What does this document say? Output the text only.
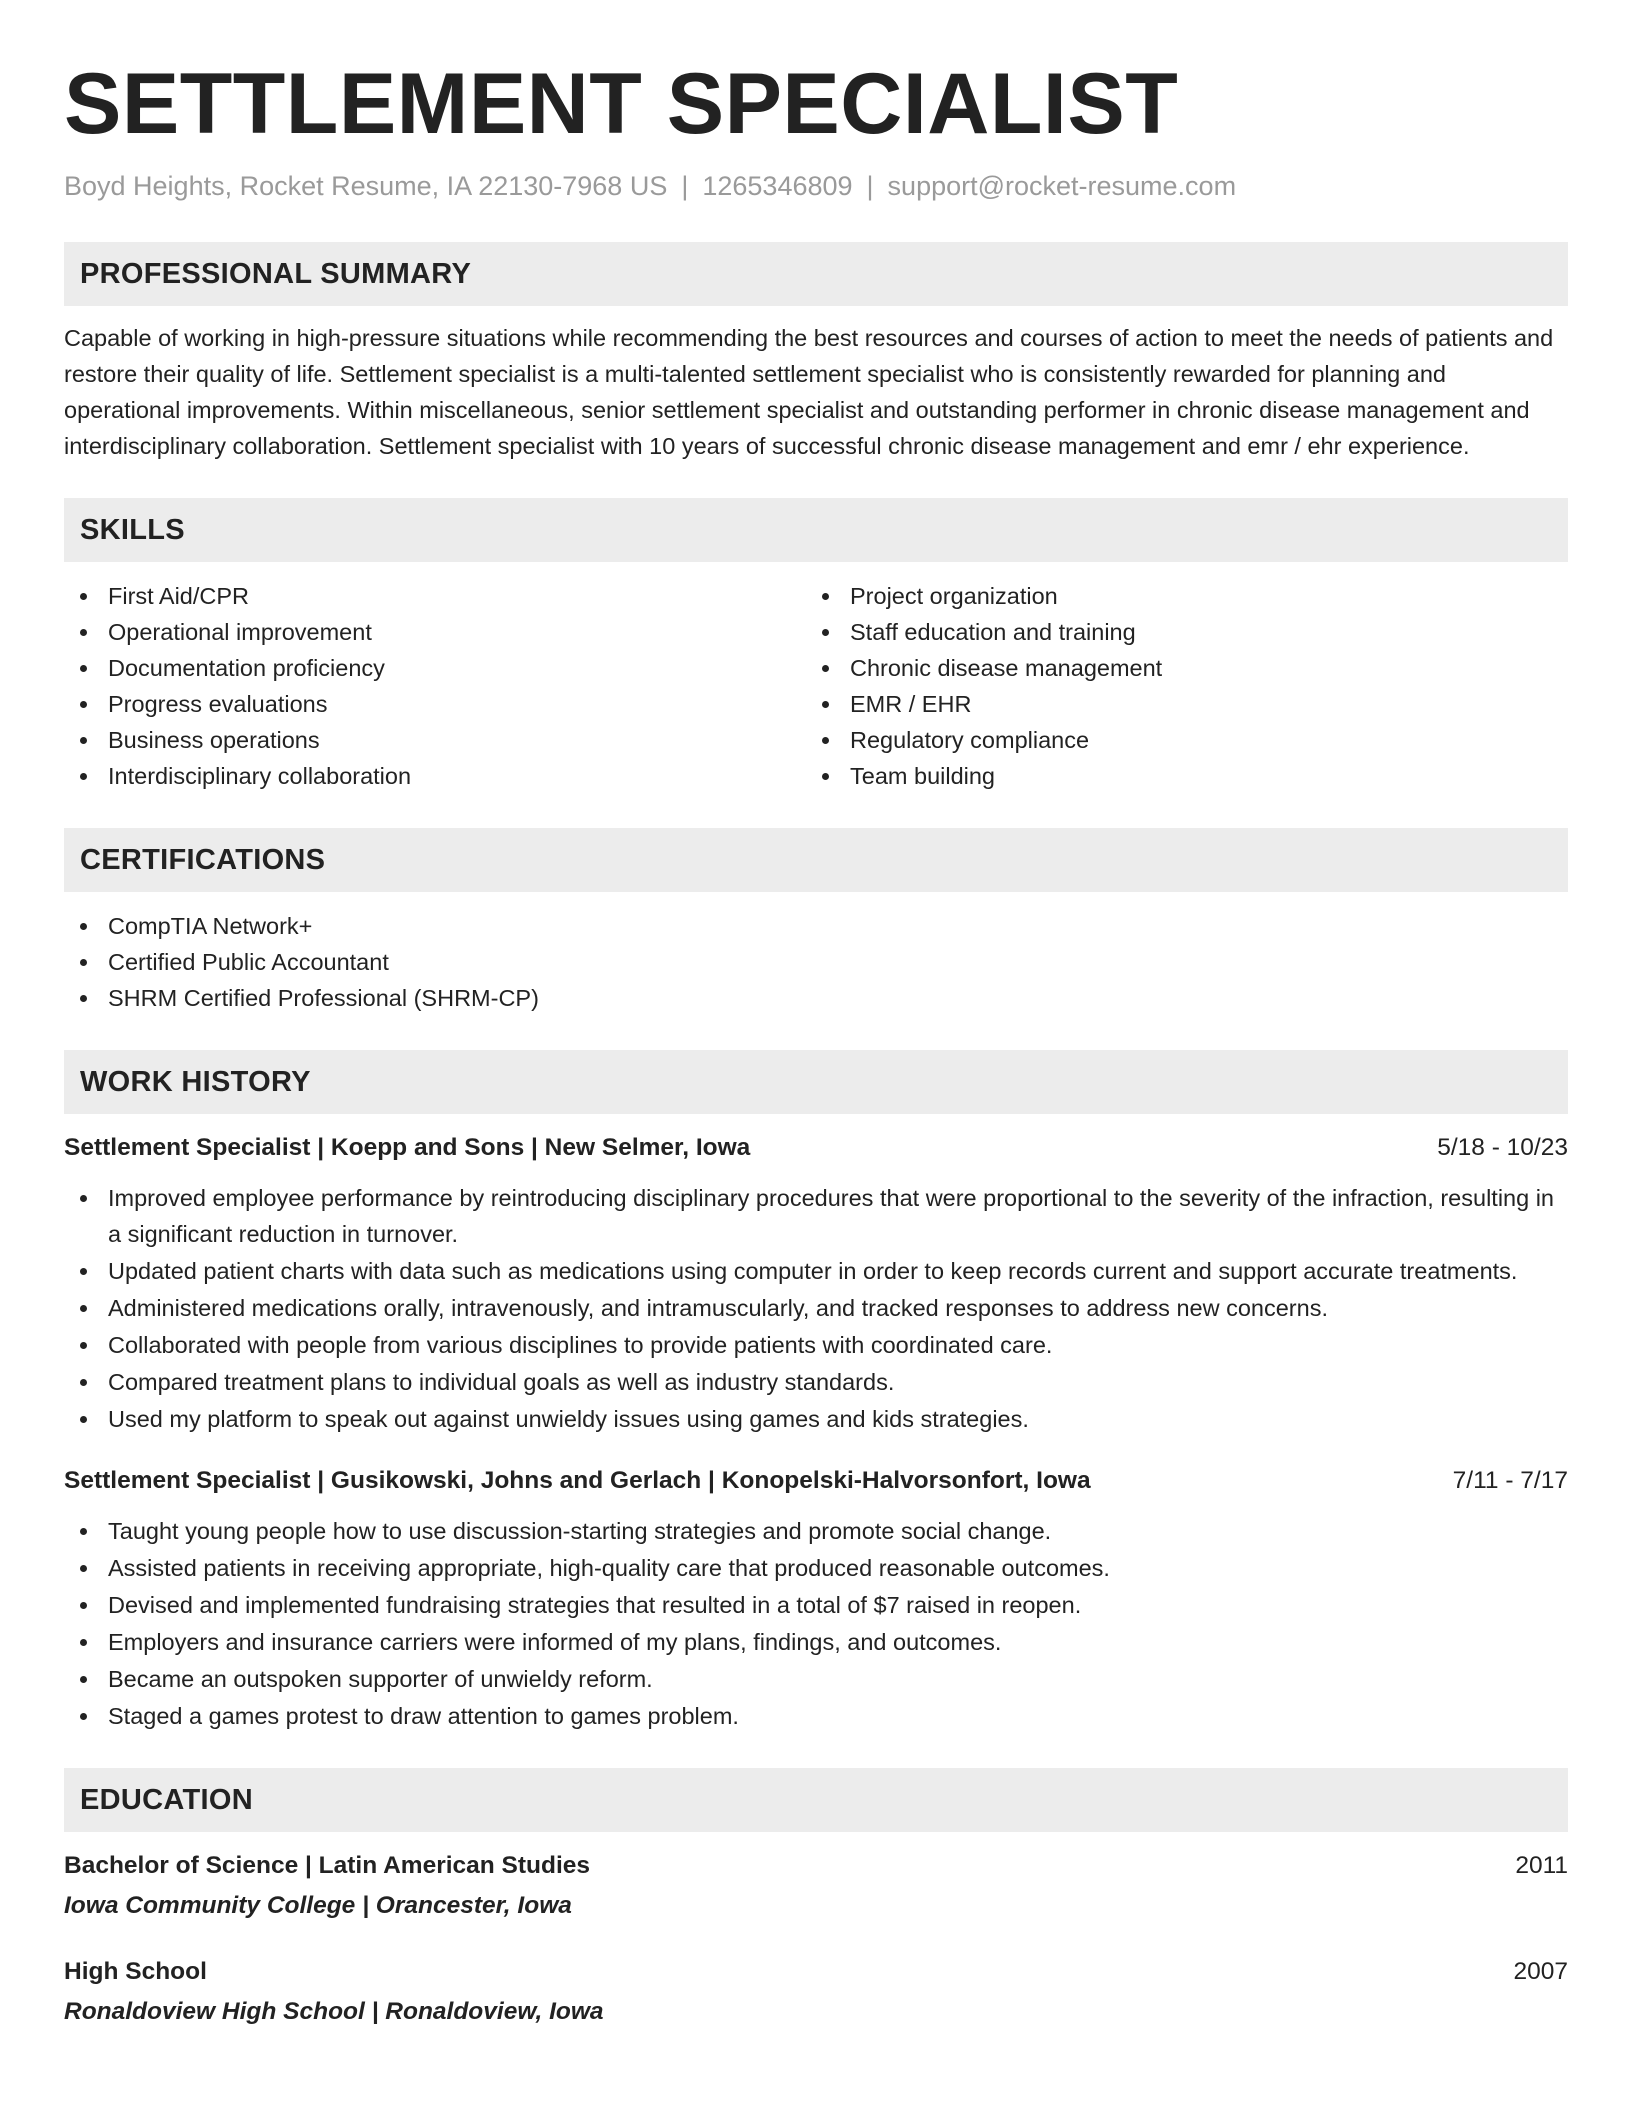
SETTLEMENT SPECIALIST
Boyd Heights, Rocket Resume, IA 22130-7968 US | 1265346809 | support@rocket-resume.com
PROFESSIONAL SUMMARY

Capable of working in high-pressure situations while recommending the best resources and courses of action to meet the needs of patients and restore their quality of life. Settlement specialist is a multi-talented settlement specialist who is consistently rewarded for planning and operational improvements. Within miscellaneous, senior settlement specialist and outstanding performer in chronic disease management and interdisciplinary collaboration. Settlement specialist with 10 years of successful chronic disease management and emr / ehr experience.

SKILLS
First Aid/CPR
Operational improvement
Documentation proficiency
Progress evaluations
Business operations
Interdisciplinary collaboration
Project organization
Staff education and training
Chronic disease management
EMR / EHR
Regulatory compliance
Team building
CERTIFICATIONS
CompTIA Network+
Certified Public Accountant
SHRM Certified Professional (SHRM-CP)
WORK HISTORY
Settlement Specialist | Koepp and Sons | New Selmer, Iowa	5/18 - 10/23
Improved employee performance by reintroducing disciplinary procedures that were proportional to the severity of the infraction, resulting in a significant reduction in turnover.
Updated patient charts with data such as medications using computer in order to keep records current and support accurate treatments.
Administered medications orally, intravenously, and intramuscularly, and tracked responses to address new concerns.
Collaborated with people from various disciplines to provide patients with coordinated care.
Compared treatment plans to individual goals as well as industry standards.
Used my platform to speak out against unwieldy issues using games and kids strategies.
Settlement Specialist | Gusikowski, Johns and Gerlach | Konopelski-Halvorsonfort, Iowa	7/11 - 7/17
Taught young people how to use discussion-starting strategies and promote social change.
Assisted patients in receiving appropriate, high-quality care that produced reasonable outcomes.
Devised and implemented fundraising strategies that resulted in a total of $7 raised in reopen.
Employers and insurance carriers were informed of my plans, findings, and outcomes.
Became an outspoken supporter of unwieldy reform.
Staged a games protest to draw attention to games problem.
EDUCATION
Bachelor of Science | Latin American Studies	2011
Iowa Community College | Orancester, Iowa
High School	2007
Ronaldoview High School | Ronaldoview, Iowa
